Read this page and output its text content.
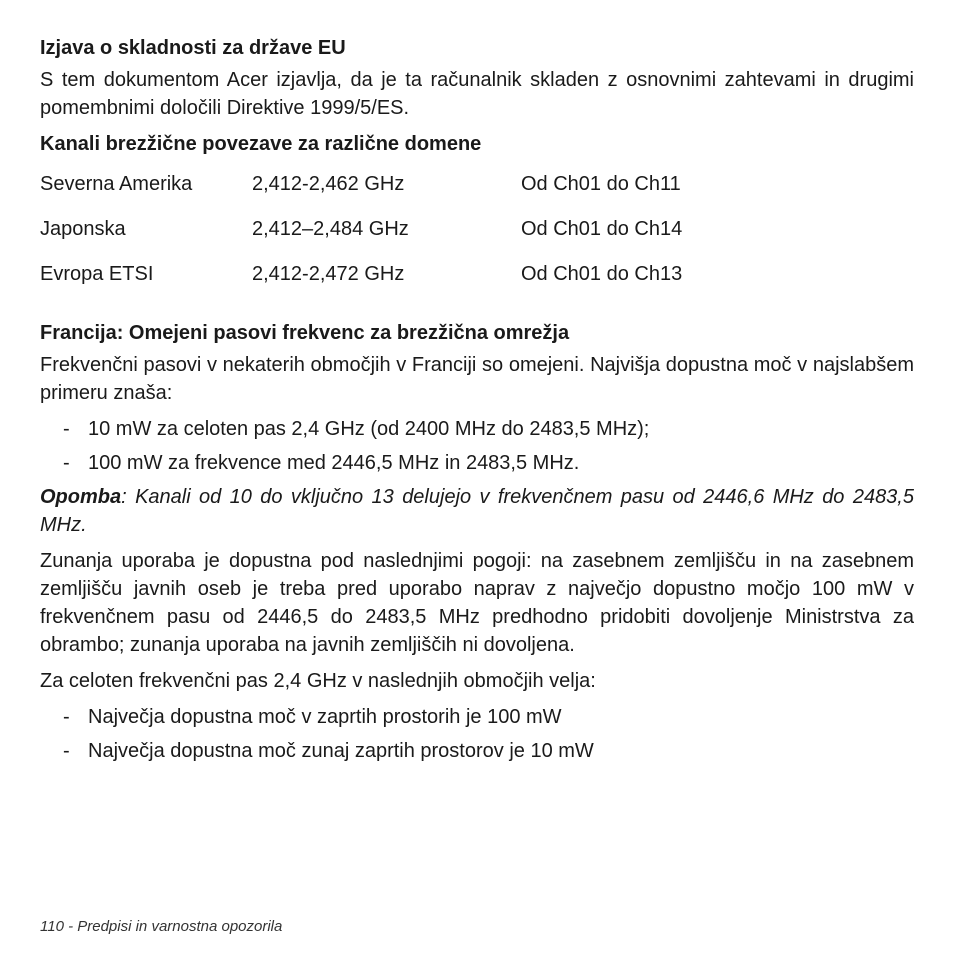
Izjava o skladnosti za države EU
S tem dokumentom Acer izjavlja, da je ta računalnik skladen z osnovnimi zahtevami in drugimi pomembnimi določili Direktive 1999/5/ES.
Kanali brezžične povezave za različne domene
Severna Amerika	2,412-2,462 GHz	Od Ch01 do Ch11
Japonska	2,412–2,484 GHz	Od Ch01 do Ch14
Evropa ETSI	2,412-2,472 GHz	Od Ch01 do Ch13
Francija: Omejeni pasovi frekvenc za brezžična omrežja
Frekvenčni pasovi v nekaterih območjih v Franciji so omejeni. Najvišja dopustna moč v najslabšem primeru znaša:
- 10 mW za celoten pas 2,4 GHz (od 2400 MHz do 2483,5 MHz);
- 100 mW za frekvence med 2446,5 MHz in 2483,5 MHz.
Opomba: Kanali od 10 do vključno 13 delujejo v frekvenčnem pasu od 2446,6 MHz do 2483,5 MHz.
Zunanja uporaba je dopustna pod naslednjimi pogoji: na zasebnem zemljišču in na zasebnem zemljišču javnih oseb je treba pred uporabo naprav z največjo dopustno močjo 100 mW v frekvenčnem pasu od 2446,5 do 2483,5 MHz predhodno pridobiti dovoljenje Ministrstva za obrambo; zunanja uporaba na javnih zemljiščih ni dovoljena.
Za celoten frekvenčni pas 2,4 GHz v naslednjih območjih velja:
- Največja dopustna moč v zaprtih prostorih je 100 mW
- Največja dopustna moč zunaj zaprtih prostorov je 10 mW
110 - Predpisi in varnostna opozorila
